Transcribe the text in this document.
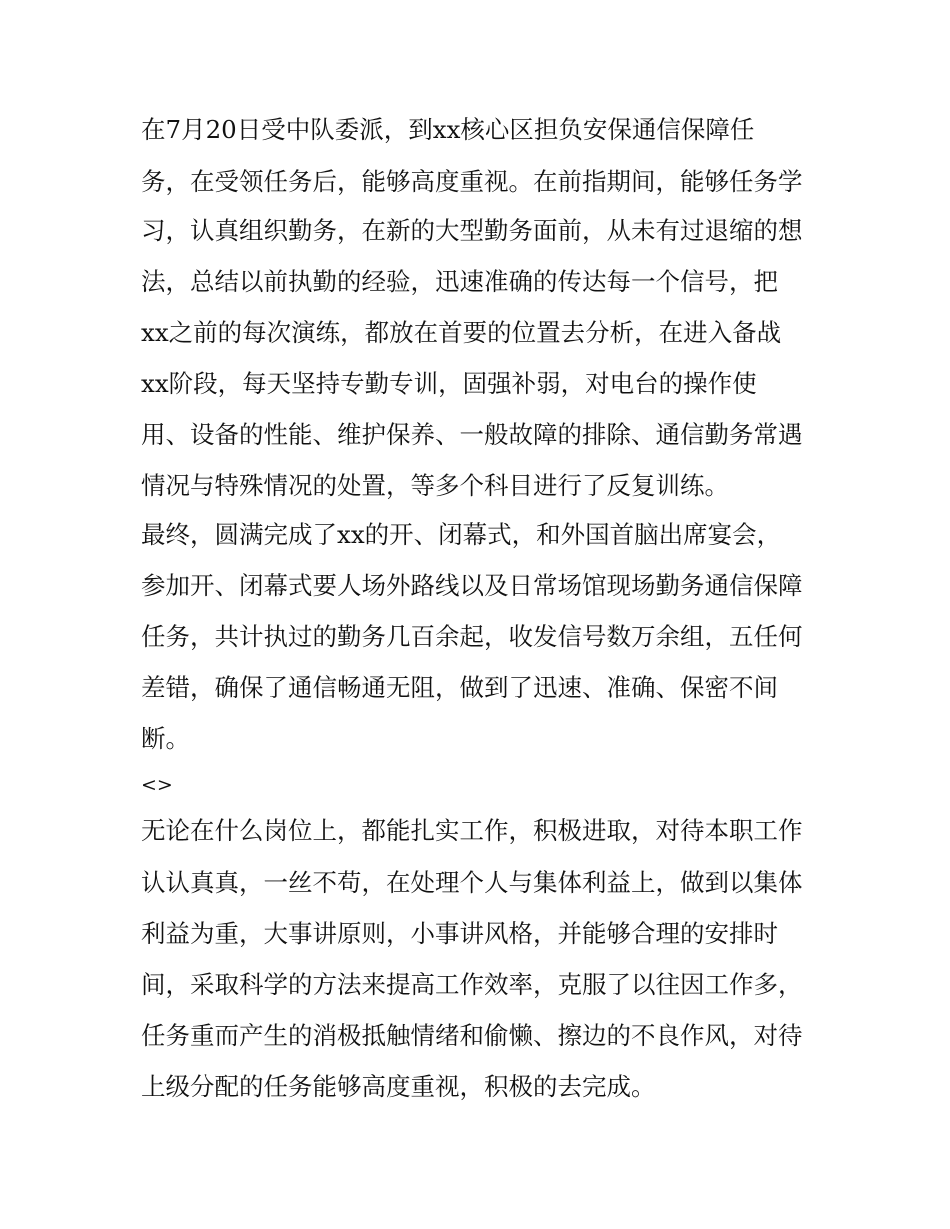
在7月20日受中队委派，到xx核心区担负安保通信保障任
务，在受领任务后，能够高度重视。在前指期间，能够任务学
习，认真组织勤务，在新的大型勤务面前，从未有过退缩的想
法，总结以前执勤的经验，迅速准确的传达每一个信号，把
xx之前的每次演练，都放在首要的位置去分析，在进入备战
xx阶段，每天坚持专勤专训，固强补弱，对电台的操作使
用、设备的性能、维护保养、一般故障的排除、通信勤务常遇
情况与特殊情况的处置，等多个科目进行了反复训练。
最终，圆满完成了xx的开、闭幕式，和外国首脑出席宴会，
参加开、闭幕式要人场外路线以及日常场馆现场勤务通信保障
任务，共计执过的勤务几百余起，收发信号数万余组，五任何
差错，确保了通信畅通无阻，做到了迅速、准确、保密不间
断。
<>
无论在什么岗位上，都能扎实工作，积极进取，对待本职工作
认认真真，一丝不苟，在处理个人与集体利益上，做到以集体
利益为重，大事讲原则，小事讲风格，并能够合理的安排时
间，采取科学的方法来提高工作效率，克服了以往因工作多，
任务重而产生的消极抵触情绪和偷懒、擦边的不良作风，对待
上级分配的任务能够高度重视，积极的去完成。
